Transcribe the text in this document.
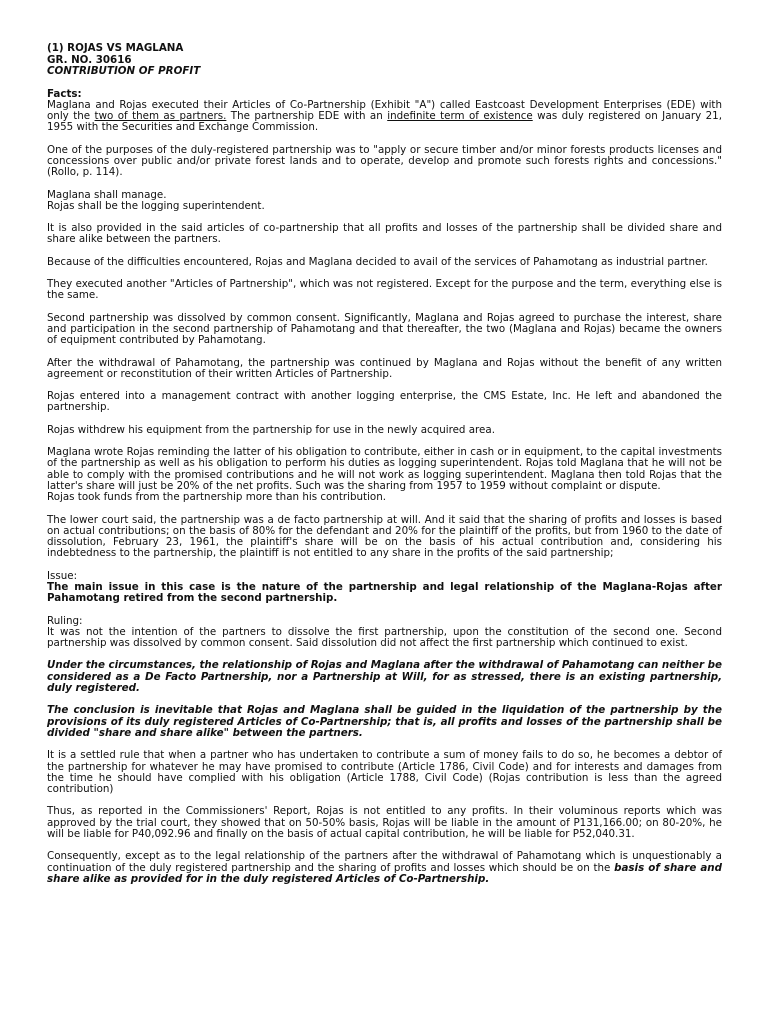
(1) ROJAS VS MAGLANA

GR. NO. 30616

CONTRIBUTION OF PROFIT

Facts:

Maglana and Rojas executed their Articles of Co-Partnership (Exhibit "A") called Eastcoast Development Enterprises (EDE) with only the two of them as partners. The partnership EDE with an indefinite term of existence was duly registered on January 21, 1955 with the Securities and Exchange Commission.

One of the purposes of the duly-registered partnership was to "apply or secure timber and/or minor forests products licenses and concessions over public and/or private forest lands and to operate, develop and promote such forests rights and concessions." (Rollo, p. 114).

Maglana shall manage.

Rojas shall be the logging superintendent.

It is also provided in the said articles of co-partnership that all profits and losses of the partnership shall be divided share and share alike between the partners.

Because of the difficulties encountered, Rojas and Maglana decided to avail of the services of Pahamotang as industrial partner.

They executed another "Articles of Partnership", which was not registered. Except for the purpose and the term, everything else is the same.

Second partnership was dissolved by common consent. Significantly, Maglana and Rojas agreed to purchase the interest, share and participation in the second partnership of Pahamotang and that thereafter, the two (Maglana and Rojas) became the owners of equipment contributed by Pahamotang.

After the withdrawal of Pahamotang, the partnership was continued by Maglana and Rojas without the benefit of any written agreement or reconstitution of their written Articles of Partnership.

Rojas entered into a management contract with another logging enterprise, the CMS Estate, Inc. He left and abandoned the partnership.

Rojas withdrew his equipment from the partnership for use in the newly acquired area.

Maglana wrote Rojas reminding the latter of his obligation to contribute, either in cash or in equipment, to the capital investments of the partnership as well as his obligation to perform his duties as logging superintendent. Rojas told Maglana that he will not be able to comply with the promised contributions and he will not work as logging superintendent. Maglana then told Rojas that the latter's share will just be 20% of the net profits. Such was the sharing from 1957 to 1959 without complaint or dispute.

Rojas took funds from the partnership more than his contribution.

The lower court said, the partnership was a de facto partnership at will. And it said that the sharing of profits and losses is based on actual contributions; on the basis of 80% for the defendant and 20% for the plaintiff of the profits, but from 1960 to the date of dissolution, February 23, 1961, the plaintiff's share will be on the basis of his actual contribution and, considering his indebtedness to the partnership, the plaintiff is not entitled to any share in the profits of the said partnership;

Issue:

The main issue in this case is the nature of the partnership and legal relationship of the Maglana-Rojas after Pahamotang retired from the second partnership.

Ruling:

It was not the intention of the partners to dissolve the first partnership, upon the constitution of the second one. Second partnership was dissolved by common consent. Said dissolution did not affect the first partnership which continued to exist.

Under the circumstances, the relationship of Rojas and Maglana after the withdrawal of Pahamotang can neither be considered as a De Facto Partnership, nor a Partnership at Will, for as stressed, there is an existing partnership, duly registered.

The conclusion is inevitable that Rojas and Maglana shall be guided in the liquidation of the partnership by the provisions of its duly registered Articles of Co-Partnership; that is, all profits and losses of the partnership shall be divided "share and share alike" between the partners.

It is a settled rule that when a partner who has undertaken to contribute a sum of money fails to do so, he becomes a debtor of the partnership for whatever he may have promised to contribute (Article 1786, Civil Code) and for interests and damages from the time he should have complied with his obligation (Article 1788, Civil Code) (Rojas contribution is less than the agreed contribution)

Thus, as reported in the Commissioners' Report, Rojas is not entitled to any profits. In their voluminous reports which was approved by the trial court, they showed that on 50-50% basis, Rojas will be liable in the amount of P131,166.00; on 80-20%, he will be liable for P40,092.96 and finally on the basis of actual capital contribution, he will be liable for P52,040.31.

Consequently, except as to the legal relationship of the partners after the withdrawal of Pahamotang which is unquestionably a continuation of the duly registered partnership and the sharing of profits and losses which should be on the basis of share and share alike as provided for in the duly registered Articles of Co-Partnership.
